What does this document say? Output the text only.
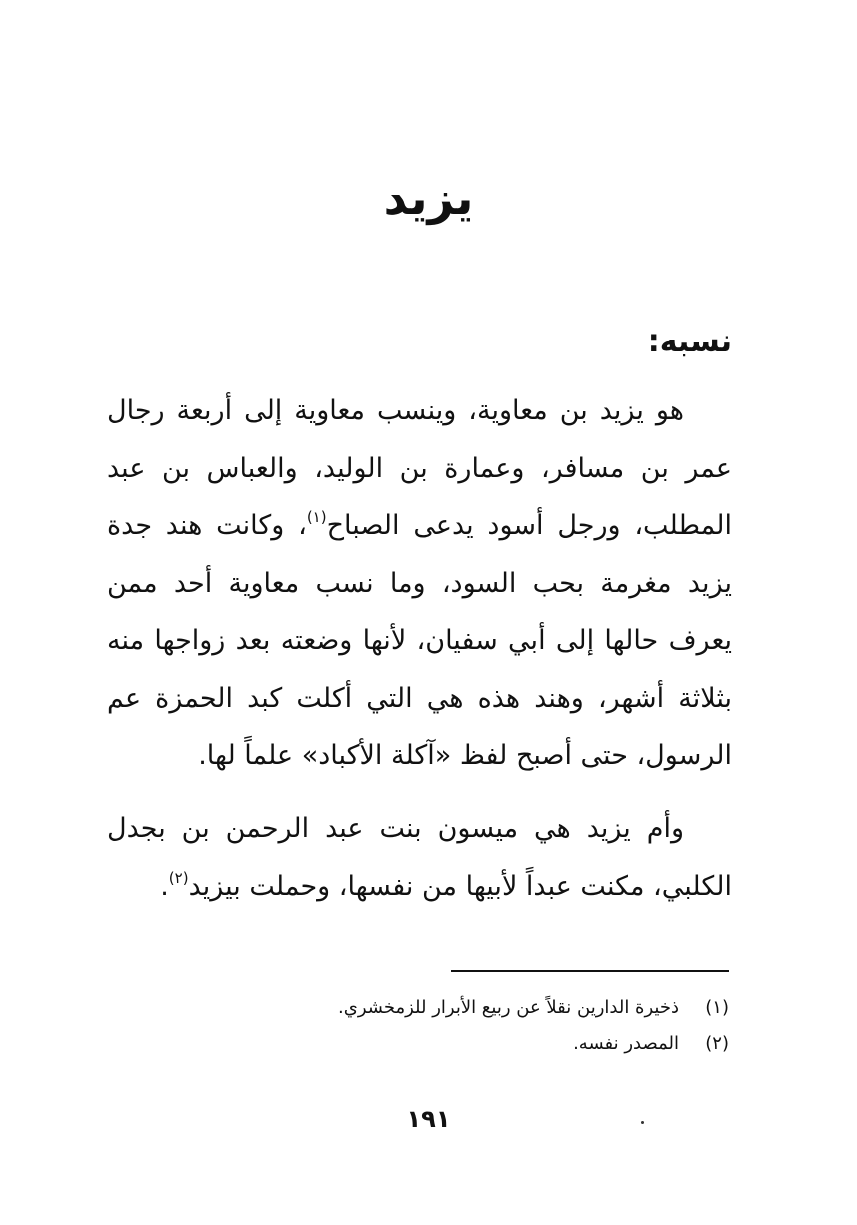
يزيد
نسبه:

هو يزيد بن معاوية، وينسب معاوية إلى أربعة رجال عمر بن مسافر، وعمارة بن الوليد، والعباس بن عبد المطلب، ورجل أسود يدعى الصباح$^{(١)}$، وكانت هند جدة يزيد مغرمة بحب السود، وما نسب معاوية أحد ممن يعرف حالها إلى أبي سفيان، لأنها وضعته بعد زواجها منه بثلاثة أشهر، وهند هذه هي التي أكلت كبد الحمزة عم الرسول، حتى أصبح لفظ «آكلة الأكباد» علماً لها.

وأم يزيد هي ميسون بنت عبد الرحمن بن بجدل الكلبي، مكنت عبداً لأبيها من نفسها، وحملت بيزيد$^{(٢)}$.

(١)ذخيرة الدارين نقلاً عن ربيع الأبرار للزمخشري.
(٢)المصدر نفسه.
١٩١
